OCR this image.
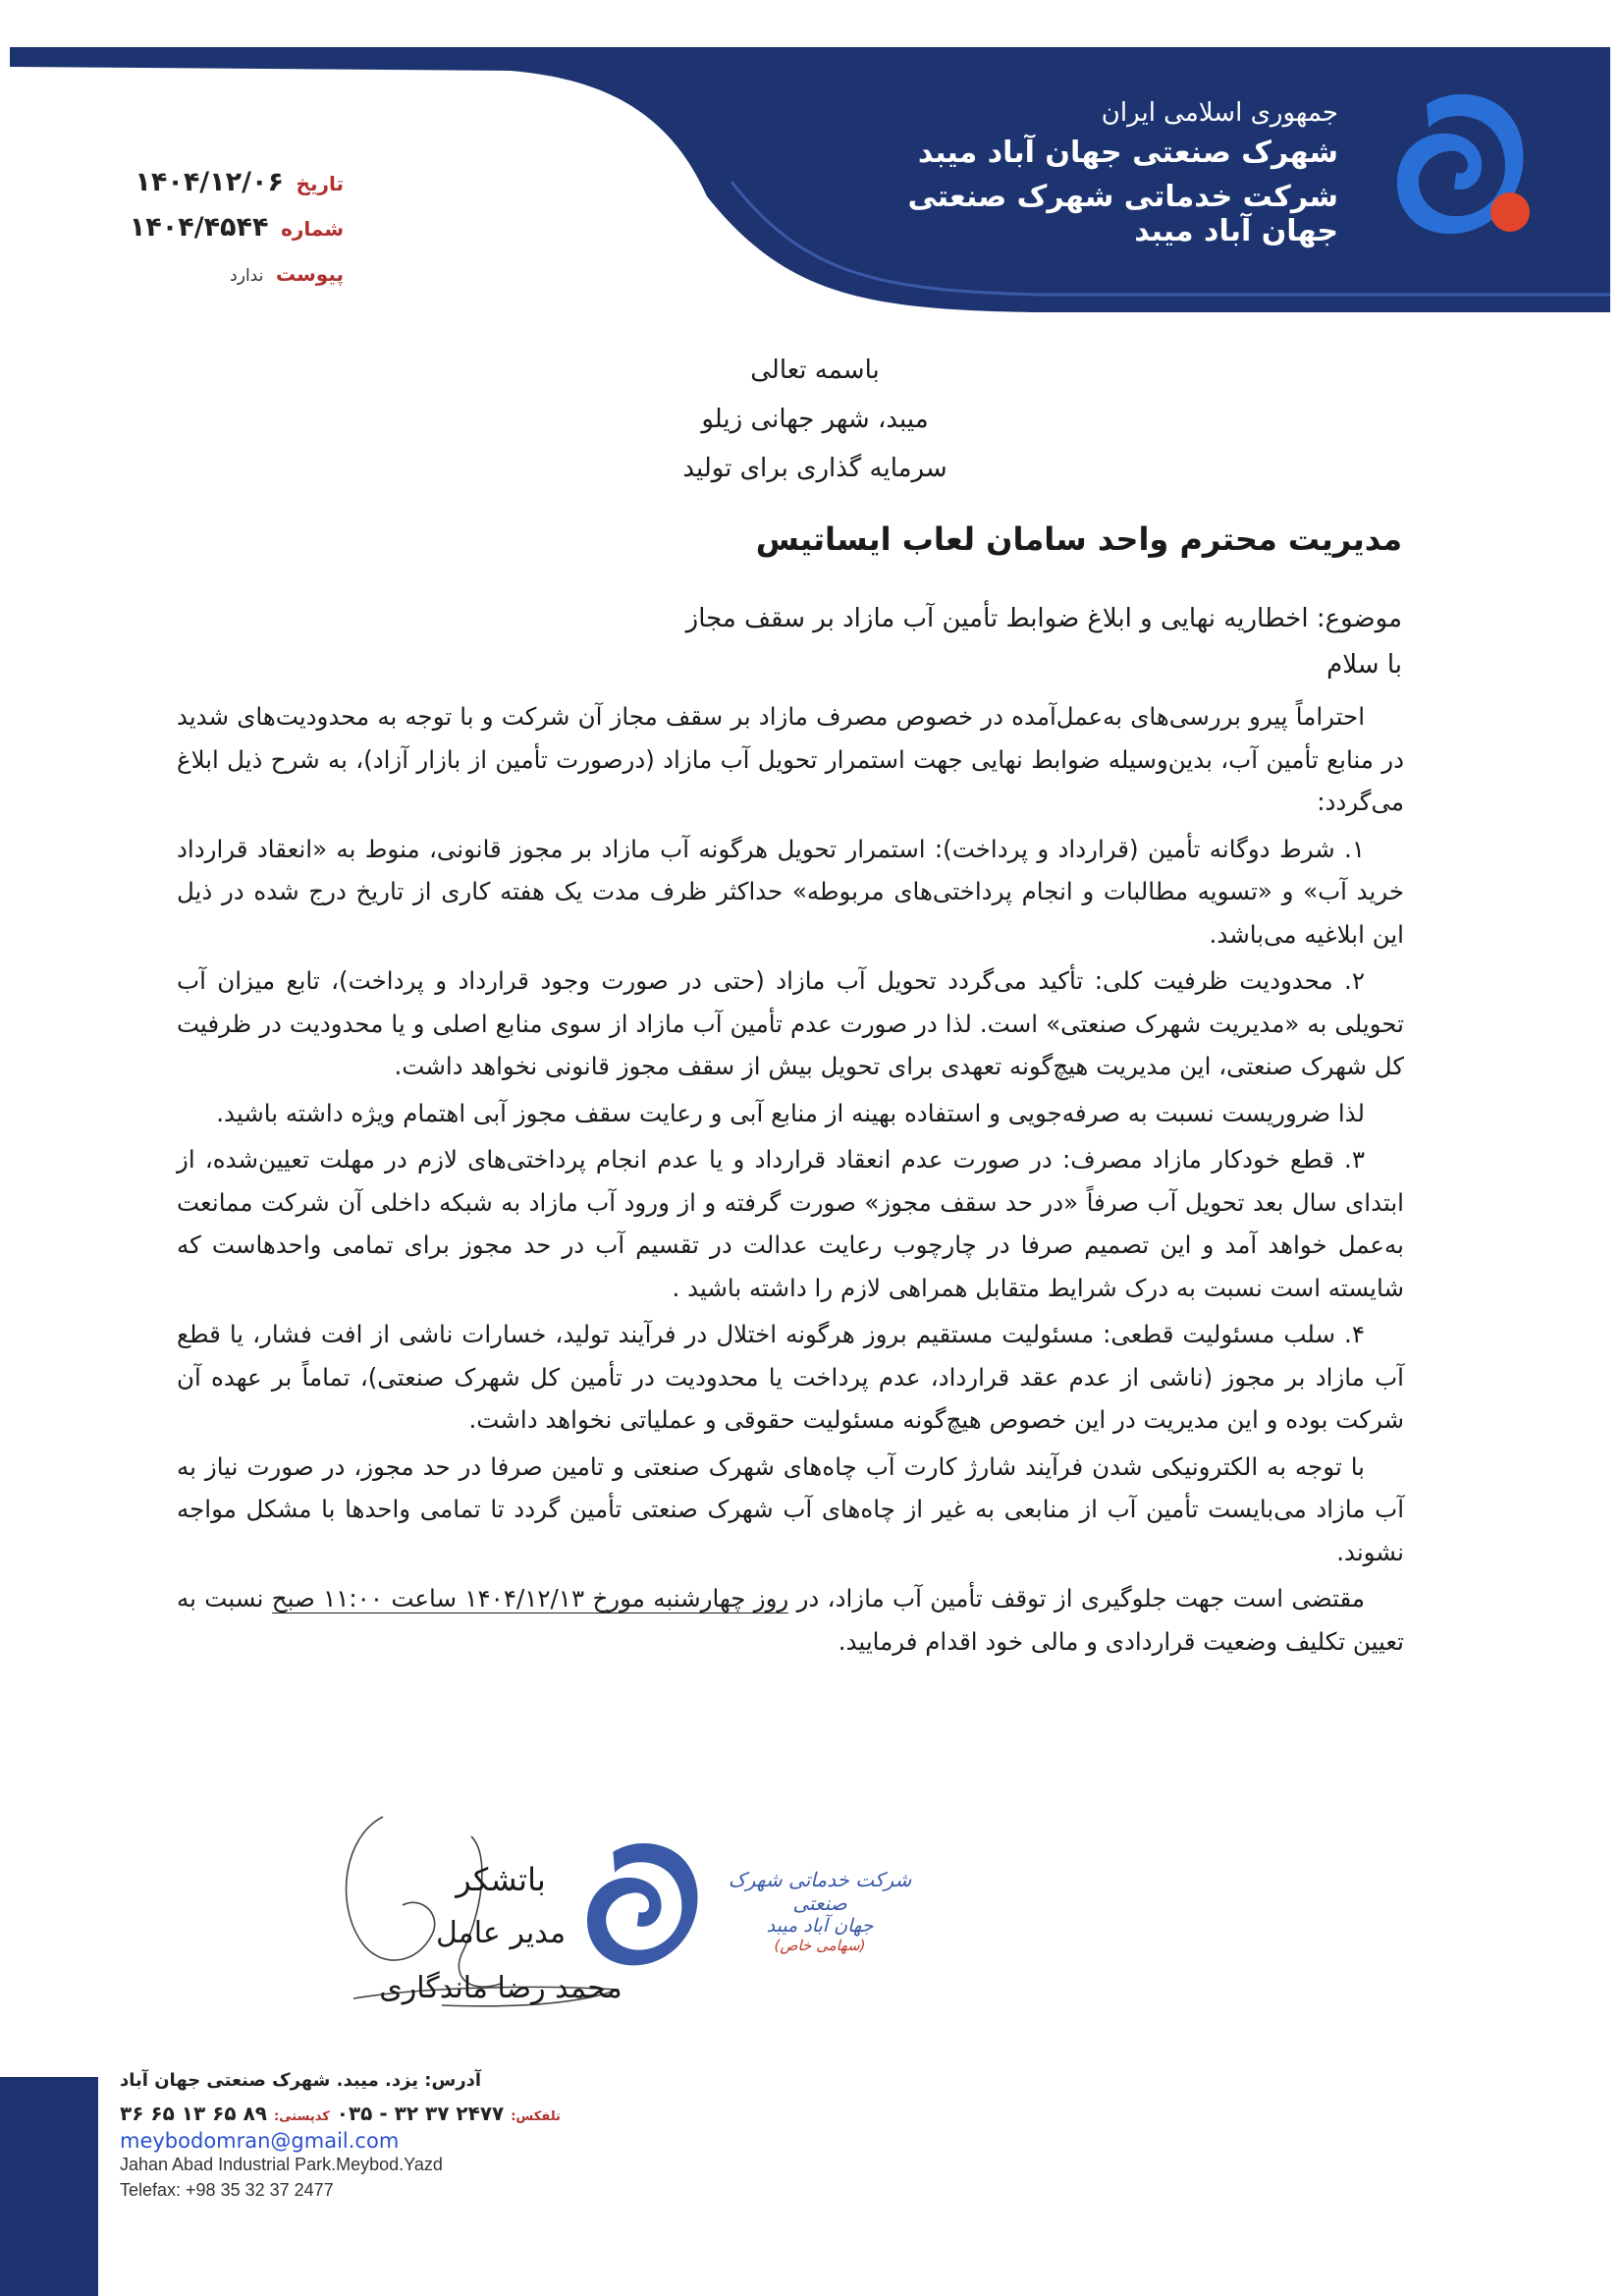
جمهوری اسلامی ایران
شهرک صنعتی جهان آباد میبد
شرکت خدماتی شهرک صنعتی جهان آباد میبد
تاریخ ۱۴۰۴/۱۲/۰۶
شماره ۱۴۰۴/۴۵۴۴
پیوست ندارد
باسمه تعالی
میبد، شهر جهانی زیلو
سرمایه گذاری برای تولید
مدیریت محترم واحد سامان لعاب ایساتیس
موضوع: اخطاریه نهایی و ابلاغ ضوابط تأمین آب مازاد بر سقف مجاز
با سلام

احتراماً پیرو بررسی‌های به‌عمل‌آمده در خصوص مصرف مازاد بر سقف مجاز آن شرکت و با توجه به محدودیت‌های شدید در منابع تأمین آب، بدین‌وسیله ضوابط نهایی جهت استمرار تحویل آب مازاد (درصورت تأمین از بازار آزاد)، به شرح ذیل ابلاغ می‌گردد:

۱. شرط دوگانه تأمین (قرارداد و پرداخت): استمرار تحویل هرگونه آب مازاد بر مجوز قانونی، منوط به «انعقاد قرارداد خرید آب» و «تسویه مطالبات و انجام پرداختی‌های مربوطه» حداکثر ظرف مدت یک هفته کاری از تاریخ درج شده در ذیل این ابلاغیه می‌باشد.

۲. محدودیت ظرفیت کلی: تأکید می‌گردد تحویل آب مازاد (حتی در صورت وجود قرارداد و پرداخت)، تابع میزان آب تحویلی به «مدیریت شهرک صنعتی» است. لذا در صورت عدم تأمین آب مازاد از سوی منابع اصلی و یا محدودیت در ظرفیت کل شهرک صنعتی، این مدیریت هیچ‌گونه تعهدی برای تحویل بیش از سقف مجوز قانونی نخواهد داشت.

لذا ضروریست نسبت به صرفه‌جویی و استفاده بهینه از منابع آبی و رعایت سقف مجوز آبی اهتمام ویژه داشته باشید.

۳. قطع خودکار مازاد مصرف: در صورت عدم انعقاد قرارداد و یا عدم انجام پرداختی‌های لازم در مهلت تعیین‌شده، از ابتدای سال بعد تحویل آب صرفاً «در حد سقف مجوز» صورت گرفته و از ورود آب مازاد به شبکه داخلی آن شرکت ممانعت به‌عمل خواهد آمد و این تصمیم صرفا در چارچوب رعایت عدالت در تقسیم آب در حد مجوز برای تمامی واحدهاست که شایسته است نسبت به درک شرایط متقابل همراهی لازم را داشته باشید .

۴. سلب مسئولیت قطعی: مسئولیت مستقیم بروز هرگونه اختلال در فرآیند تولید، خسارات ناشی از افت فشار، یا قطع آب مازاد بر مجوز (ناشی از عدم عقد قرارداد، عدم پرداخت یا محدودیت در تأمین کل شهرک صنعتی)، تماماً بر عهده آن شرکت بوده و این مدیریت در این خصوص هیچ‌گونه مسئولیت حقوقی و عملیاتی نخواهد داشت.

با توجه به الکترونیکی شدن فرآیند شارژ کارت آب چاه‌های شهرک صنعتی و تامین صرفا در حد مجوز، در صورت نیاز به آب مازاد می‌بایست تأمین آب از منابعی به غیر از چاه‌های آب شهرک صنعتی تأمین گردد تا تمامی واحدها با مشکل مواجه نشوند.

مقتضی است جهت جلوگیری از توقف تأمین آب مازاد، در روز چهارشنبه مورخ ۱۴۰۴/۱۲/۱۳ ساعت ۱۱:۰۰ صبح نسبت به تعیین تکلیف وضعیت قراردادی و مالی خود اقدام فرمایید.

باتشکر
مدیر عامل
محمد رضا ماندگاری
شرکت خدماتی شهرک صنعتی
جهان آباد میبد
(سهامی خاص)
آدرس: یزد. میبد. شهرک صنعتی جهان آباد
تلفکس: ۲۴۷۷ ۳۷ ۳۲ - ۰۳۵ کدپستی: ۸۹ ۶۵ ۱۳ ۶۵ ۳۶
meybodomran@gmail.com
Jahan Abad Industrial Park.Meybod.Yazd
Telefax: +98 35 32 37 2477
